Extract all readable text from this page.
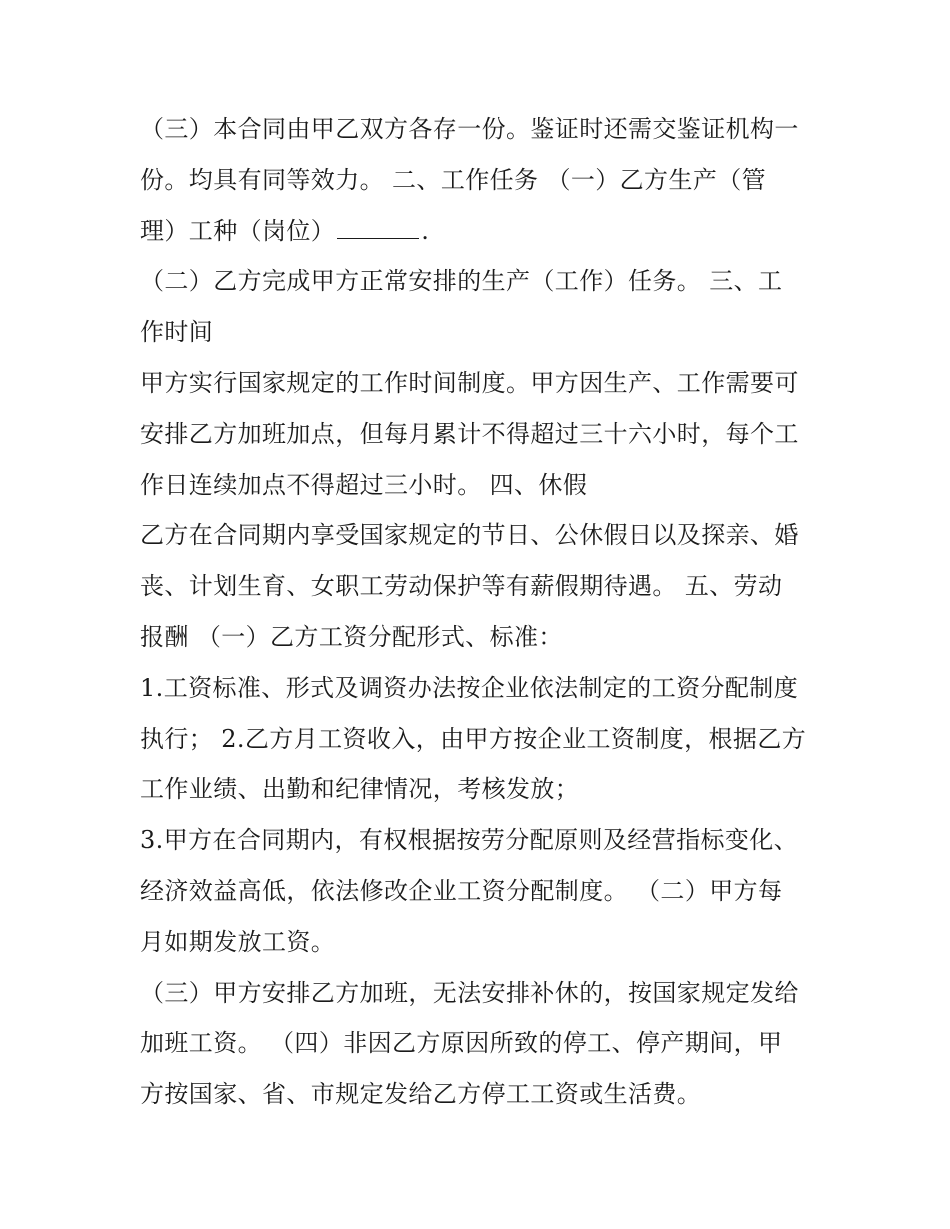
（三）本合同由甲乙双方各存一份。鉴证时还需交鉴证机构一
份。均具有同等效力。 二、工作任务 （一）乙方生产（管
理）工种（岗位）	.
（二）乙方完成甲方正常安排的生产（工作）任务。 三、工
作时间
甲方实行国家规定的工作时间制度。甲方因生产、工作需要可
安排乙方加班加点，但每月累计不得超过三十六小时，每个工
作日连续加点不得超过三小时。 四、休假
乙方在合同期内享受国家规定的节日、公休假日以及探亲、婚
丧、计划生育、女职工劳动保护等有薪假期待遇。 五、劳动
报酬 （一）乙方工资分配形式、标准：
1.工资标准、形式及调资办法按企业依法制定的工资分配制度
执行； 2.乙方月工资收入，由甲方按企业工资制度，根据乙方
工作业绩、出勤和纪律情况，考核发放；
3.甲方在合同期内，有权根据按劳分配原则及经营指标变化、
经济效益高低，依法修改企业工资分配制度。 （二）甲方每
月如期发放工资。
（三）甲方安排乙方加班，无法安排补休的，按国家规定发给
加班工资。 （四）非因乙方原因所致的停工、停产期间，甲
方按国家、省、市规定发给乙方停工工资或生活费。
